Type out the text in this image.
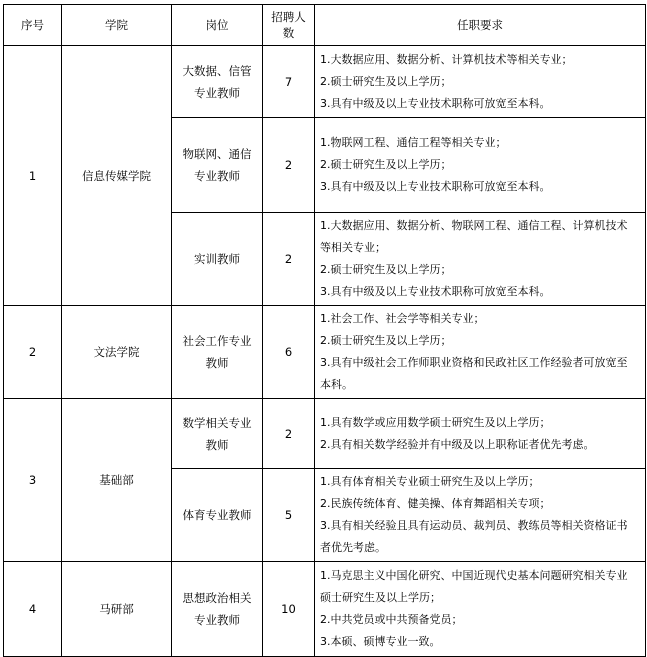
序号	学院	岗位	招聘人数	任职要求
1	信息传媒学院	大数据、信管专业教师	7	1.大数据应用、数据分析、计算机技术等相关专业；
2.硕士研究生及以上学历；
3.具有中级及以上专业技术职称可放宽至本科。

		物联网、通信专业教师	2	1.物联网工程、通信工程等相关专业；
2.硕士研究生及以上学历；
3.具有中级及以上专业技术职称可放宽至本科。

		实训教师	2	1.大数据应用、数据分析、物联网工程、通信工程、计算机技术等相关专业；
2.硕士研究生及以上学历；
3.具有中级及以上专业技术职称可放宽至本科。

2	文法学院	社会工作专业教师	6	1.社会工作、社会学等相关专业；
2.硕士研究生及以上学历；
3.具有中级社会工作师职业资格和民政社区工作经验者可放宽至本科。

3	基础部	数学相关专业教师	2	1.具有数学或应用数学硕士研究生及以上学历；
2.具有相关数学经验并有中级及以上职称证者优先考虑。

		体育专业教师	5	1.具有体育相关专业硕士研究生及以上学历；
2.民族传统体育、健美操、体育舞蹈相关专项；
3.具有相关经验且具有运动员、裁判员、教练员等相关资格证书者优先考虑。

4	马研部	思想政治相关专业教师	10	1.马克思主义中国化研究、中国近现代史基本问题研究相关专业硕士研究生及以上学历；
2.中共党员或中共预备党员；
3.本硕、硕博专业一致。
